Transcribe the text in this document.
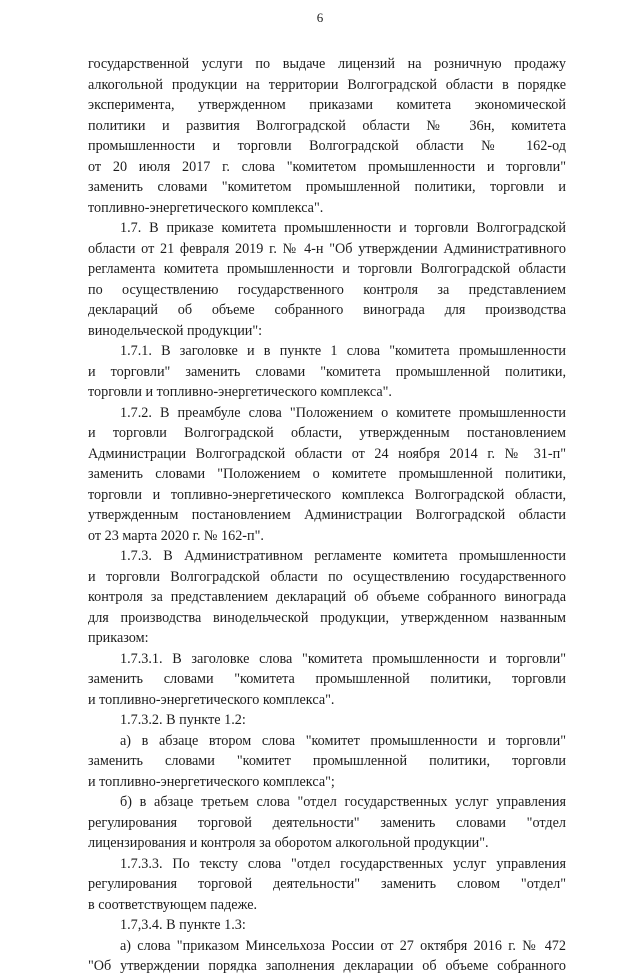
6
государственной услуги по выдаче лицензий на розничную продажу
алкогольной продукции на территории Волгоградской области в порядке
эксперимента, утвержденном приказами комитета экономической
политики и развития Волгоградской области № 36н, комитета
промышленности и торговли Волгоградской области № 162-од
от 20 июля 2017 г. слова "комитетом промышленности и торговли"
заменить словами "комитетом промышленной политики, торговли и
топливно-энергетического комплекса".
1.7. В приказе комитета промышленности и торговли Волгоградской
области от 21 февраля 2019 г. № 4-н "Об утверждении Административного
регламента комитета промышленности и торговли Волгоградской области
по осуществлению государственного контроля за представлением
деклараций об объеме собранного винограда для производства
винодельческой продукции":
1.7.1. В заголовке и в пункте 1 слова "комитета промышленности
и торговли" заменить словами "комитета промышленной политики,
торговли и топливно-энергетического комплекса".
1.7.2. В преамбуле слова "Положением о комитете промышленности
и торговли Волгоградской области, утвержденным постановлением
Администрации Волгоградской области от 24 ноября 2014 г. № 31-п"
заменить словами "Положением о комитете промышленной политики,
торговли и топливно-энергетического комплекса Волгоградской области,
утвержденным постановлением Администрации Волгоградской области
от 23 марта 2020 г. № 162-п".
1.7.3. В Административном регламенте комитета промышленности
и торговли Волгоградской области по осуществлению государственного
контроля за представлением деклараций об объеме собранного винограда
для производства винодельческой продукции, утвержденном названным
приказом:
1.7.3.1. В заголовке слова "комитета промышленности и торговли"
заменить словами "комитета промышленной политики, торговли
и топливно-энергетического комплекса".
1.7.3.2. В пункте 1.2:
а) в абзаце втором слова "комитет промышленности и торговли"
заменить словами "комитет промышленной политики, торговли
и топливно-энергетического комплекса";
б) в абзаце третьем слова "отдел государственных услуг управления
регулирования торговой деятельности" заменить словами "отдел
лицензирования и контроля за оборотом алкогольной продукции".
1.7.3.3. По тексту слова "отдел государственных услуг управления
регулирования торговой деятельности" заменить словом "отдел"
в соответствующем падеже.
1.7,3.4. В пункте 1.3:
а) слова "приказом Минсельхоза России от 27 октября 2016 г. № 472
"Об утверждении порядка заполнения декларации об объеме собранного
